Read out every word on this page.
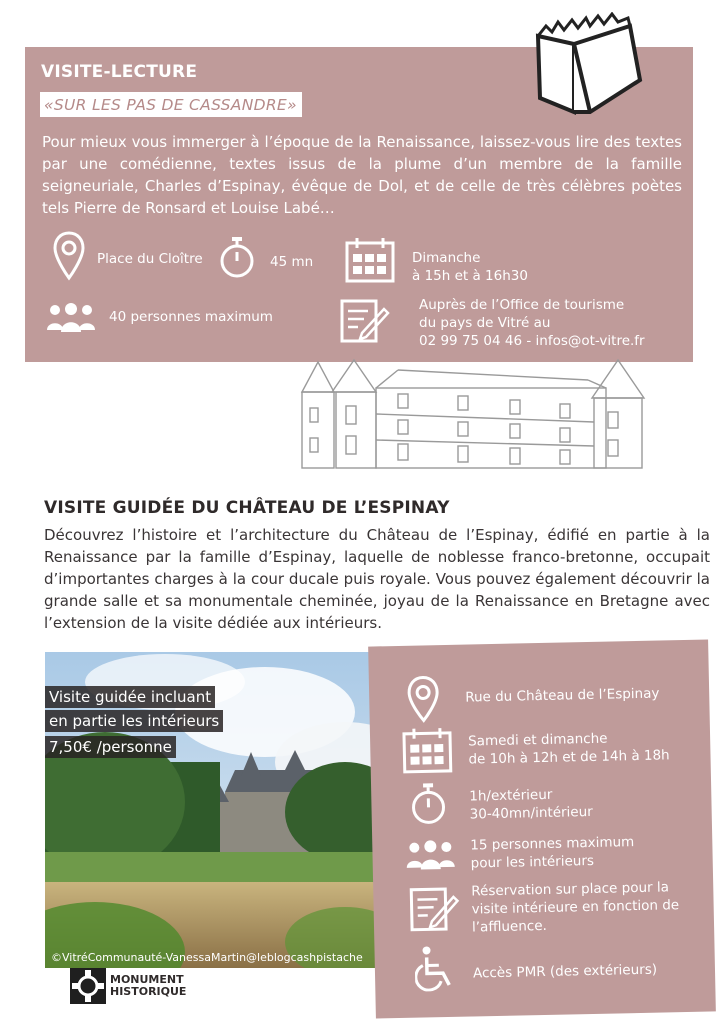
VISITE-LECTURE
«SUR LES PAS DE CASSANDRE»
Pour mieux vous immerger à l’époque de la Renaissance, laissez-vous lire des textes par une comédienne, textes issus de la plume d’un membre de la famille seigneuriale, Charles d’Espinay, évêque de Dol, et de celle de très célèbres poètes tels Pierre de Ronsard et Louise Labé…
Place du Cloître	45 mn	Dimanche
à 15h et à 16h30
40 personnes maximum
Auprès de l’Office de tourisme
du pays de Vitré au
02 99 75 04 46 - infos@ot-vitre.fr
VISITE GUIDÉE DU CHÂTEAU DE L’ESPINAY
Découvrez l’histoire et l’architecture du Château de l’Espinay, édifié en partie à la Renaissance par la famille d’Espinay, laquelle de noblesse franco-bretonne, occupait d’importantes charges à la cour ducale puis royale. Vous pouvez également découvrir la grande salle et sa monumentale cheminée, joyau de la Renaissance en Bretagne avec l’extension de la visite dédiée aux intérieurs.
Visite guidée incluant
en partie les intérieurs
7,50€ /personne
©VitréCommunauté-VanessaMartin@leblogcashpistache
Rue du Château de l’Espinay
Samedi et dimanche
de 10h à 12h et de 14h à 18h
1h/extérieur
30-40mn/intérieur
15 personnes maximum
pour les intérieurs
Réservation sur place pour la
visite intérieure en fonction de
l’affluence.
Accès PMR (des extérieurs)
MONUMENT
HISTORIQUE
